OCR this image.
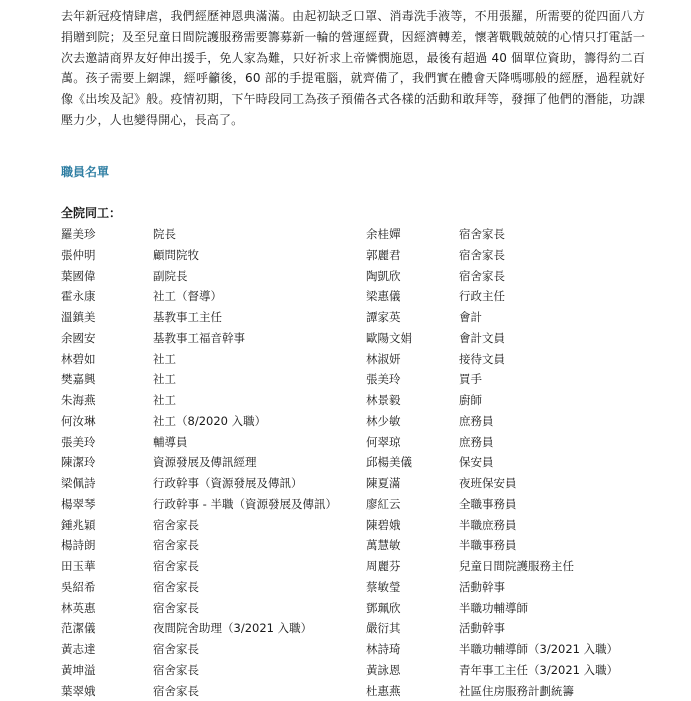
去年新冠疫情肆虐，我們經歷神恩典滿滿。由起初缺乏口罩、消毒洗手液等，不用張羅，所需要的從四面八方捐贈到院；及至兒童日間院護服務需要籌募新一輪的營運經費，因經濟轉差，懷著戰戰兢兢的心情只打電話一次去邀請商界友好伸出援手，免人家為難，只好祈求上帝憐憫施恩，最後有超過 40 個單位資助，籌得約二百萬。孩子需要上網課，經呼籲後，60 部的手提電腦，就齊備了，我們實在體會天降嗎哪般的經歷，過程就好像《出埃及記》般。疫情初期，下午時段同工為孩子預備各式各樣的活動和敢拜等，發揮了他們的潛能，功課壓力少，人也變得開心，長高了。

職員名單
全院同工：
羅美珍	院長	余桂嬋	宿舍家長
張仲明	顧問院牧	郭麗君	宿舍家長
葉國偉	副院長	陶凱欣	宿舍家長
霍永康	社工（督導）	梁惠儀	行政主任
溫鎮美	基教事工主任	譚家英	會計
余國安	基教事工福音幹事	歐陽文娟	會計文員
林碧如	社工	林淑妍	接待文員
樊嘉興	社工	張美玲	買手
朱海燕	社工	林景毅	廚師
何汝琳	社工（8/2020 入職）	林少敏	庶務員
張美玲	輔導員	何翠琼	庶務員
陳潔玲	資源發展及傳訊經理	邱楊美儀	保安員
梁佩詩	行政幹事（資源發展及傳訊）	陳夏滿	夜班保安員
楊翠琴	行政幹事 - 半職（資源發展及傳訊）	廖紅云	全職事務員
鍾兆穎	宿舍家長	陳碧娥	半職庶務員
楊詩朗	宿舍家長	萬慧敏	半職事務員
田玉華	宿舍家長	周麗芬	兒童日間院護服務主任
吳紹希	宿舍家長	蔡敏瑩	活動幹事
林英惠	宿舍家長	鄧珮欣	半職功輔導師
范潔儀	夜間院舍助理（3/2021 入職）	嚴衍其	活動幹事
黃志達	宿舍家長	林詩琦	半職功輔導師（3/2021 入職）
黃坤溢	宿舍家長	黃詠恩	青年事工主任（3/2021 入職）
葉翠娥	宿舍家長	杜惠燕	社區住房服務計劃統籌
